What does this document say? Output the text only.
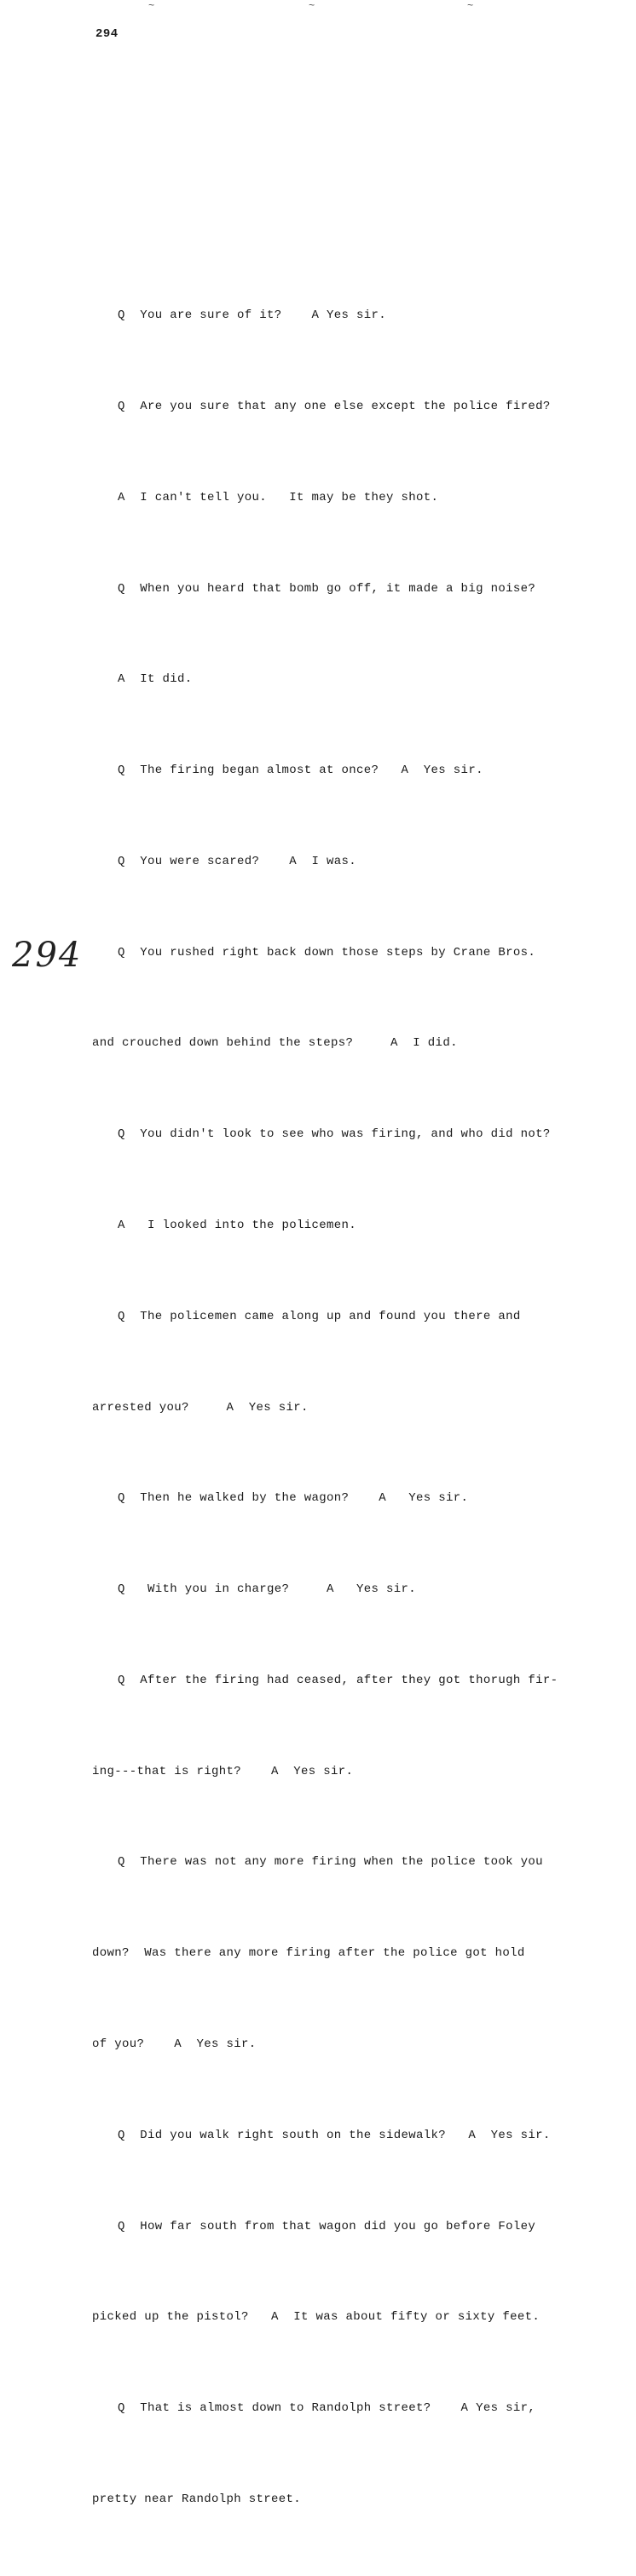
~	~	~
294

Q  You are sure of it?    A Yes sir.

Q  Are you sure that any one else except the police fired?

A  I can't tell you.   It may be they shot.

Q  When you heard that bomb go off, it made a big noise?

A  It did.

Q  The firing began almost at once?   A  Yes sir.

Q  You were scared?    A  I was.

Q  You rushed right back down those steps by Crane Bros.

and crouched down behind the steps?     A  I did.

Q  You didn't look to see who was firing, and who did not?

A   I looked into the policemen.

Q  The policemen came along up and found you there and

arrested you?     A  Yes sir.

Q  Then he walked by the wagon?    A   Yes sir.

Q   With you in charge?     A   Yes sir.

Q  After the firing had ceased, after they got thorugh fir-

ing---that is right?    A  Yes sir.

Q  There was not any more firing when the police took you

down?  Was there any more firing after the police got hold

of you?    A  Yes sir.

Q  Did you walk right south on the sidewalk?   A  Yes sir.

Q  How far south from that wagon did you go before Foley

picked up the pistol?   A  It was about fifty or sixty feet.

Q  That is almost down to Randolph street?    A Yes sir,

pretty near Randolph street.

294
